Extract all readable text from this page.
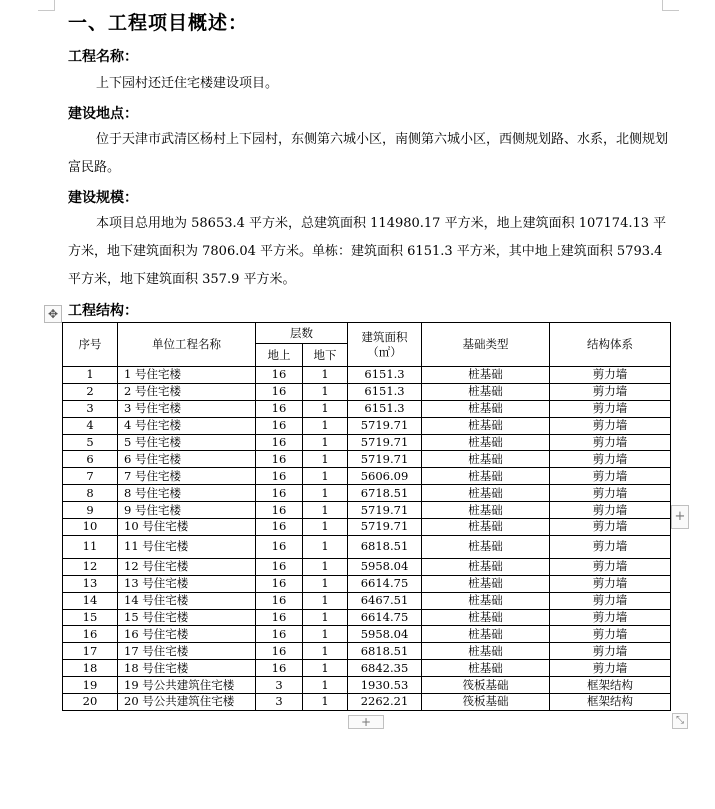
一、工程项目概述：
工程名称：
上下园村还迁住宅楼建设项目。
建设地点：
位于天津市武清区杨村上下园村，东侧第六城小区，南侧第六城小区，西侧规划路、水系，北侧规划富民路。
建设规模：
本项目总用地为 58653.4 平方米，总建筑面积 114980.17 平方米，地上建筑面积 107174.13 平方米，地下建筑面积为 7806.04 平方米。单栋：建筑面积 6151.3 平方米，其中地上建筑面积 5793.4 平方米，地下建筑面积 357.9 平方米。
工程结构：
✥
序号	单位工程名称	层数		建筑面积（㎡）	基础类型	结构体系
		地上	地下			
1	1 号住宅楼	16	1	6151.3	桩基础	剪力墙
2	2 号住宅楼	16	1	6151.3	桩基础	剪力墙
3	3 号住宅楼	16	1	6151.3	桩基础	剪力墙
4	4 号住宅楼	16	1	5719.71	桩基础	剪力墙
5	5 号住宅楼	16	1	5719.71	桩基础	剪力墙
6	6 号住宅楼	16	1	5719.71	桩基础	剪力墙
7	7 号住宅楼	16	1	5606.09	桩基础	剪力墙
8	8 号住宅楼	16	1	6718.51	桩基础	剪力墙
9	9 号住宅楼	16	1	5719.71	桩基础	剪力墙
10	10 号住宅楼	16	1	5719.71	桩基础	剪力墙
11	11 号住宅楼	16	1	6818.51	桩基础	剪力墙
12	12 号住宅楼	16	1	5958.04	桩基础	剪力墙
13	13 号住宅楼	16	1	6614.75	桩基础	剪力墙
14	14 号住宅楼	16	1	6467.51	桩基础	剪力墙
15	15 号住宅楼	16	1	6614.75	桩基础	剪力墙
16	16 号住宅楼	16	1	5958.04	桩基础	剪力墙
17	17 号住宅楼	16	1	6818.51	桩基础	剪力墙
18	18 号住宅楼	16	1	6842.35	桩基础	剪力墙
19	19 号公共建筑住宅楼	3	1	1930.53	筏板基础	框架结构
20	20 号公共建筑住宅楼	3	1	2262.21	筏板基础	框架结构
+
+	⤡
